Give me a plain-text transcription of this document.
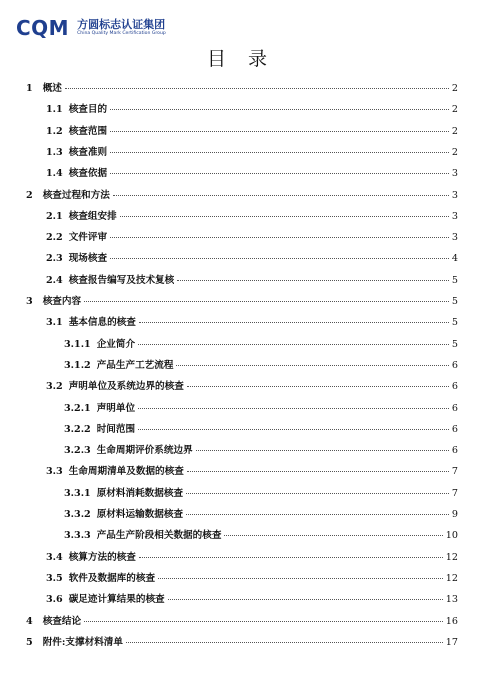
CQM 方圆标志认证集团
China Quality Mark Certification Group
目 录
1 概述	2
1.1 核查目的	2
1.2 核查范围	2
1.3 核查准则	2
1.4 核查依据	3
2 核查过程和方法	3
2.1 核查组安排	3
2.2 文件评审	3
2.3 现场核查	4
2.4 核查报告编写及技术复核	5
3 核查内容	5
3.1 基本信息的核查	5
3.1.1 企业简介	5
3.1.2 产品生产工艺流程	6
3.2 声明单位及系统边界的核查	6
3.2.1 声明单位	6
3.2.2 时间范围	6
3.2.3 生命周期评价系统边界	6
3.3 生命周期清单及数据的核查	7
3.3.1 原材料消耗数据核查	7
3.3.2 原材料运输数据核查	9
3.3.3 产品生产阶段相关数据的核查	10
3.4 核算方法的核查	12
3.5 软件及数据库的核查	12
3.6 碳足迹计算结果的核查	13
4 核查结论	16
5 附件:支撑材料清单	17
